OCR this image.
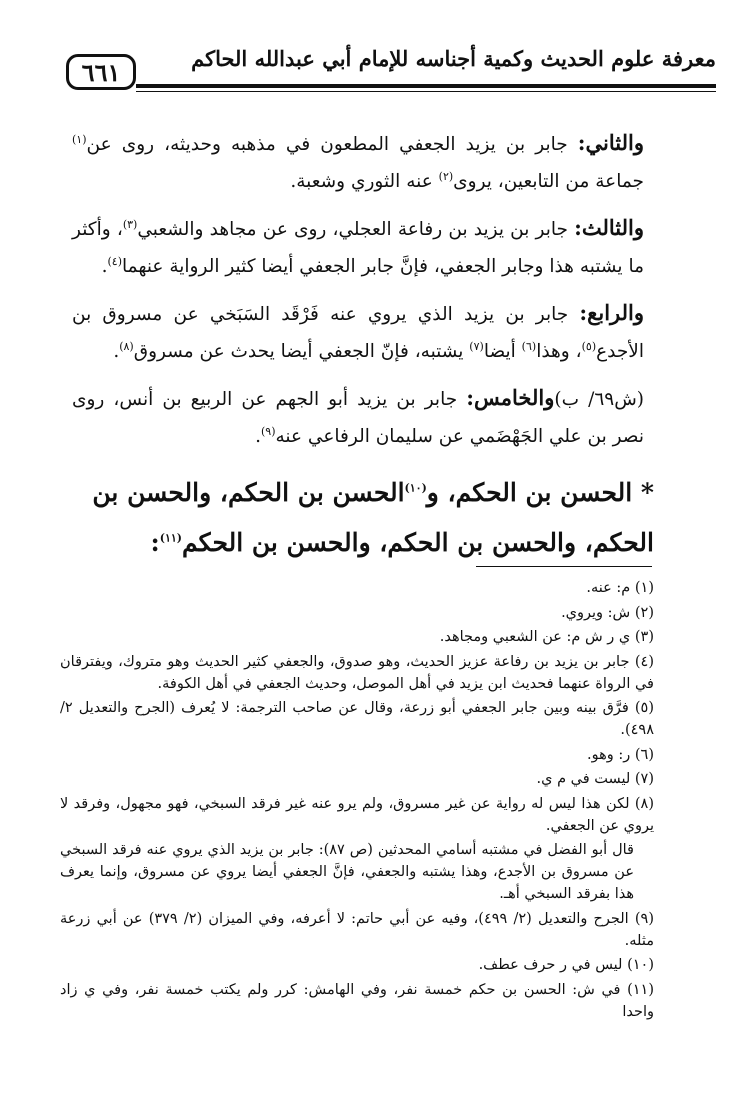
٦٦١	معرفة علوم الحديث وكمية أجناسه للإمام أبي عبدالله الحاكم

والثاني: جابر بن يزيد الجعفي المطعون في مذهبه وحديثه، روى عن$^{(١)}$ جماعة من التابعين، يروى$^{(٢)}$ عنه الثوري وشعبة.

والثالث: جابر بن يزيد بن رفاعة العجلي، روى عن مجاهد والشعبي$^{(٣)}$، وأكثر ما يشتبه هذا وجابر الجعفي، فإنَّ جابر الجعفي أيضا كثير الرواية عنهما$^{(٤)}$.

والرابع: جابر بن يزيد الذي يروي عنه فَرْقَد السَبَخي عن مسروق بن الأجدع$^{(٥)}$، وهذا$^{(٦)}$ أيضا$^{(٧)}$ يشتبه، فإنّ الجعفي أيضا يحدث عن مسروق$^{(٨)}$.

(ش٦٩/ ب)والخامس: جابر بن يزيد أبو الجهم عن الربيع بن أنس، روى نصر بن علي الجَهْضَمي عن سليمان الرفاعي عنه$^{(٩)}$.

* الحسن بن الحكم، و$^{(١٠)}$الحسن بن الحكم، والحسن بن الحكم، والحسن بن الحكم، والحسن بن الحكم$^{(١١)}$:

(١) م: عنه.

(٢) ش: ويروي.

(٣) ي ر ش م: عن الشعبي ومجاهد.

(٤) جابر بن يزيد بن رفاعة عزيز الحديث، وهو صدوق، والجعفي كثير الحديث وهو متروك، ويفترقان في الرواة عنهما فحديث ابن يزيد في أهل الموصل، وحديث الجعفي في أهل الكوفة.

(٥) فرَّق بينه وبين جابر الجعفي أبو زرعة، وقال عن صاحب الترجمة: لا يُعرف (الجرح والتعديل ٢/ ٤٩٨).

(٦) ر: وهو.

(٧) ليست في م ي.

(٨) لكن هذا ليس له رواية عن غير مسروق، ولم يرو عنه غير فرقد السبخي، فهو مجهول، وفرقد لا يروي عن الجعفي.

قال أبو الفضل في مشتبه أسامي المحدثين (ص ٨٧): جابر بن يزيد الذي يروي عنه فرقد السبخي عن مسروق بن الأجدع، وهذا يشتبه والجعفي، فإنَّ الجعفي أيضا يروي عن مسروق، وإنما يعرف هذا بفرقد السبخي أهـ.

(٩) الجرح والتعديل (٢/ ٤٩٩)، وفيه عن أبي حاتم: لا أعرفه، وفي الميزان (٢/ ٣٧٩) عن أبي زرعة مثله.

(١٠) ليس في ر حرف عطف.

(١١) في ش: الحسن بن حكم خمسة نفر، وفي الهامش: كرر ولم يكتب خمسة نفر، وفي ي زاد واحدا
